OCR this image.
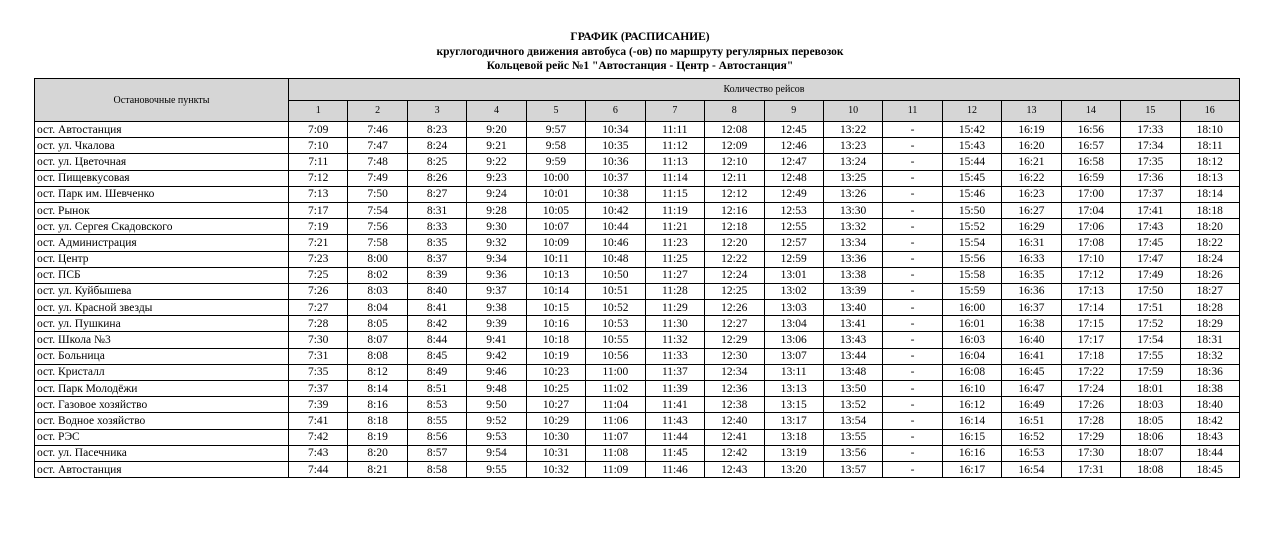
ГРАФИК (РАСПИСАНИЕ)
круглогодичного движения автобуса (-ов) по маршруту регулярных перевозок
Кольцевой рейс №1 "Автостанция - Центр - Автостанция"
Остановочные пункты	Количество рейсов															
	1	2	3	4	5	6	7	8	9	10	11	12	13	14	15	16
ост. Автостанция	7:09	7:46	8:23	9:20	9:57	10:34	11:11	12:08	12:45	13:22	-	15:42	16:19	16:56	17:33	18:10
ост. ул. Чкалова	7:10	7:47	8:24	9:21	9:58	10:35	11:12	12:09	12:46	13:23	-	15:43	16:20	16:57	17:34	18:11
ост. ул. Цветочная	7:11	7:48	8:25	9:22	9:59	10:36	11:13	12:10	12:47	13:24	-	15:44	16:21	16:58	17:35	18:12
ост. Пищевкусовая	7:12	7:49	8:26	9:23	10:00	10:37	11:14	12:11	12:48	13:25	-	15:45	16:22	16:59	17:36	18:13
ост. Парк им. Шевченко	7:13	7:50	8:27	9:24	10:01	10:38	11:15	12:12	12:49	13:26	-	15:46	16:23	17:00	17:37	18:14
ост. Рынок	7:17	7:54	8:31	9:28	10:05	10:42	11:19	12:16	12:53	13:30	-	15:50	16:27	17:04	17:41	18:18
ост. ул. Сергея Скадовского	7:19	7:56	8:33	9:30	10:07	10:44	11:21	12:18	12:55	13:32	-	15:52	16:29	17:06	17:43	18:20
ост. Администрация	7:21	7:58	8:35	9:32	10:09	10:46	11:23	12:20	12:57	13:34	-	15:54	16:31	17:08	17:45	18:22
ост. Центр	7:23	8:00	8:37	9:34	10:11	10:48	11:25	12:22	12:59	13:36	-	15:56	16:33	17:10	17:47	18:24
ост. ПСБ	7:25	8:02	8:39	9:36	10:13	10:50	11:27	12:24	13:01	13:38	-	15:58	16:35	17:12	17:49	18:26
ост. ул. Куйбышева	7:26	8:03	8:40	9:37	10:14	10:51	11:28	12:25	13:02	13:39	-	15:59	16:36	17:13	17:50	18:27
ост. ул. Красной звезды	7:27	8:04	8:41	9:38	10:15	10:52	11:29	12:26	13:03	13:40	-	16:00	16:37	17:14	17:51	18:28
ост. ул. Пушкина	7:28	8:05	8:42	9:39	10:16	10:53	11:30	12:27	13:04	13:41	-	16:01	16:38	17:15	17:52	18:29
ост. Школа №3	7:30	8:07	8:44	9:41	10:18	10:55	11:32	12:29	13:06	13:43	-	16:03	16:40	17:17	17:54	18:31
ост. Больница	7:31	8:08	8:45	9:42	10:19	10:56	11:33	12:30	13:07	13:44	-	16:04	16:41	17:18	17:55	18:32
ост. Кристалл	7:35	8:12	8:49	9:46	10:23	11:00	11:37	12:34	13:11	13:48	-	16:08	16:45	17:22	17:59	18:36
ост. Парк Молодёжи	7:37	8:14	8:51	9:48	10:25	11:02	11:39	12:36	13:13	13:50	-	16:10	16:47	17:24	18:01	18:38
ост. Газовое хозяйство	7:39	8:16	8:53	9:50	10:27	11:04	11:41	12:38	13:15	13:52	-	16:12	16:49	17:26	18:03	18:40
ост. Водное хозяйство	7:41	8:18	8:55	9:52	10:29	11:06	11:43	12:40	13:17	13:54	-	16:14	16:51	17:28	18:05	18:42
ост. РЭС	7:42	8:19	8:56	9:53	10:30	11:07	11:44	12:41	13:18	13:55	-	16:15	16:52	17:29	18:06	18:43
ост. ул. Пасечника	7:43	8:20	8:57	9:54	10:31	11:08	11:45	12:42	13:19	13:56	-	16:16	16:53	17:30	18:07	18:44
ост. Автостанция	7:44	8:21	8:58	9:55	10:32	11:09	11:46	12:43	13:20	13:57	-	16:17	16:54	17:31	18:08	18:45
